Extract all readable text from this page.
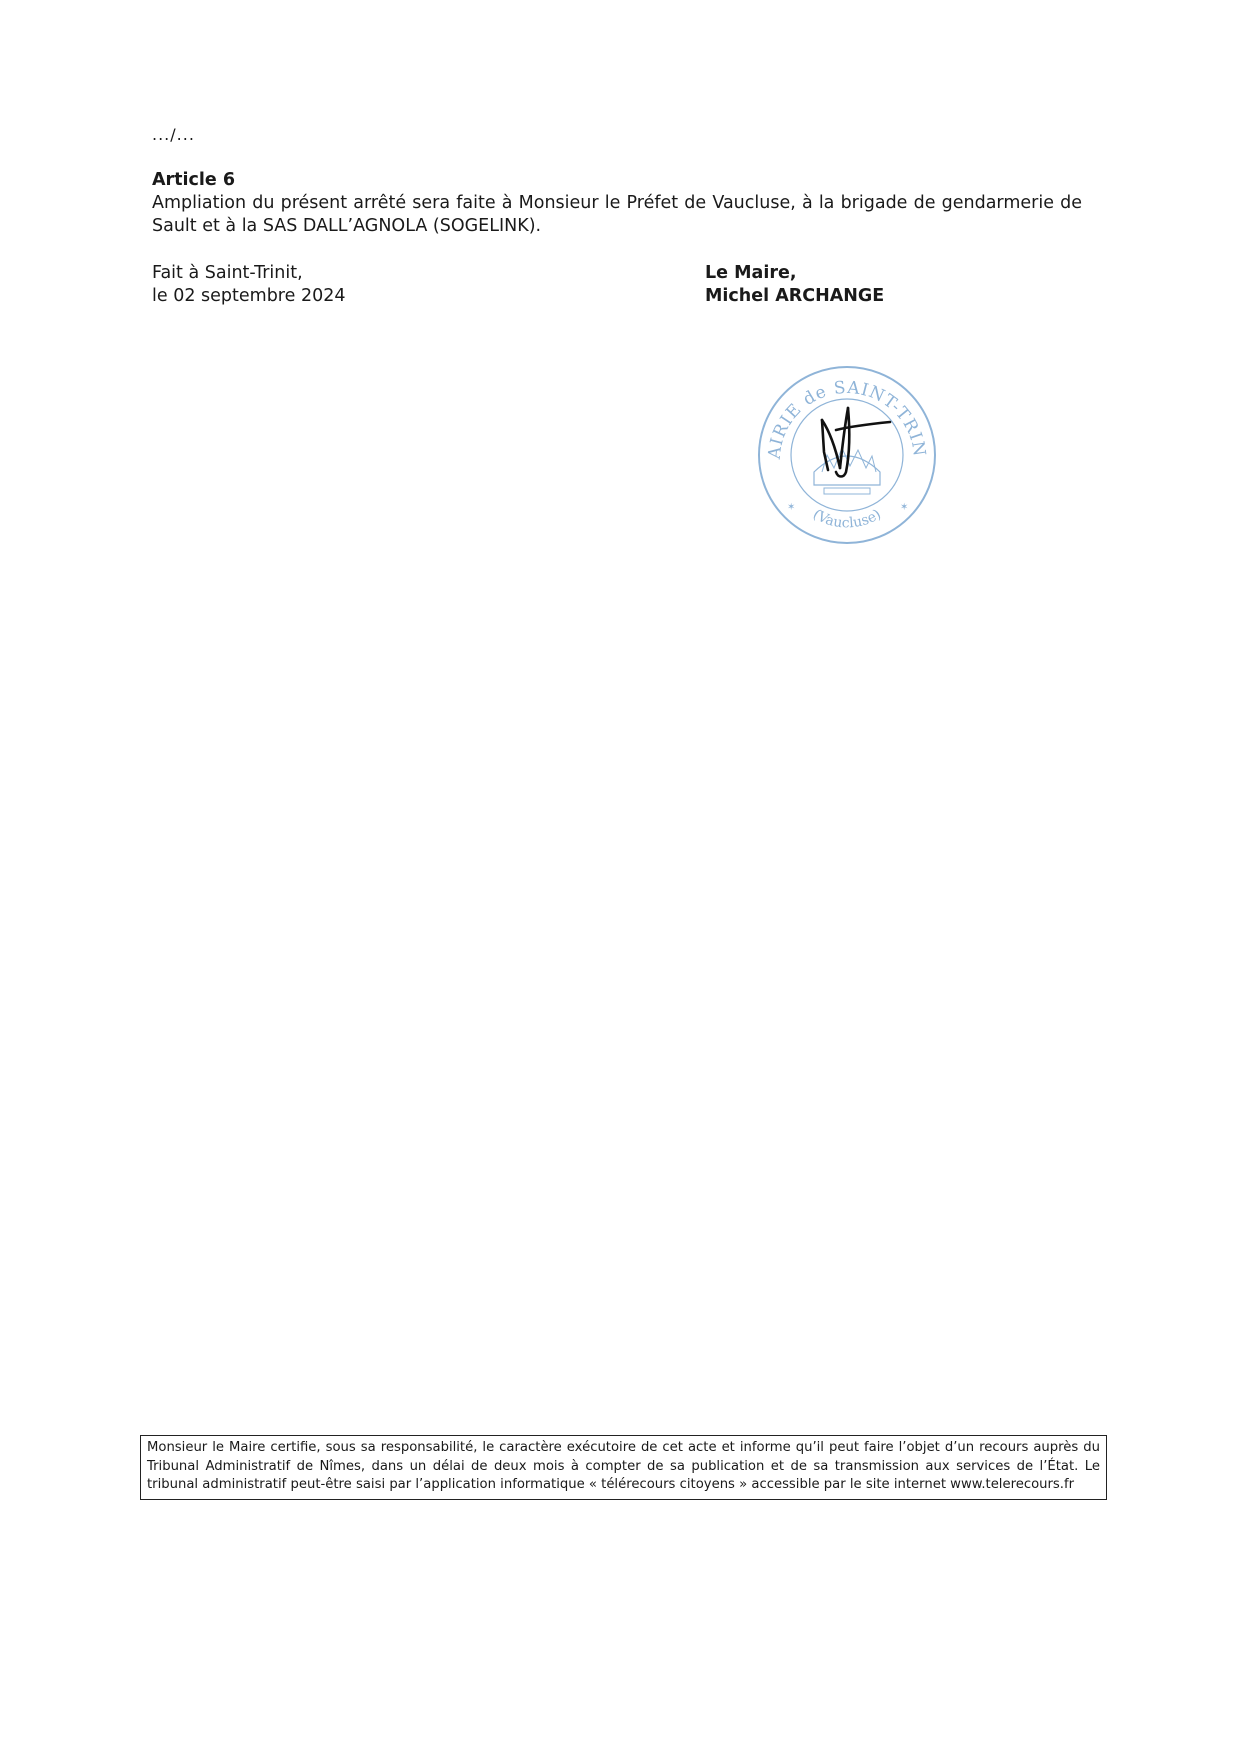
.../...

Article 6

Ampliation du présent arrêté sera faite à Monsieur le Préfet de Vaucluse, à la brigade de gendarmerie de Sault et à la SAS DALL’AGNOLA (SOGELINK).

Fait à Saint-Trinit,
le 02 septembre 2024
Le Maire,
Michel ARCHANGE
AIRIE de SAINT-TRIN
(Vaucluse)
✶	✶
Monsieur le Maire certifie, sous sa responsabilité, le caractère exécutoire de cet acte et informe qu’il peut faire l’objet d’un recours auprès du Tribunal Administratif de Nîmes, dans un délai de deux mois à compter de sa publication et de sa transmission aux services de l’État. Le tribunal administratif peut-être saisi par l’application informatique « télérecours citoyens » accessible par le site internet www.telerecours.fr
